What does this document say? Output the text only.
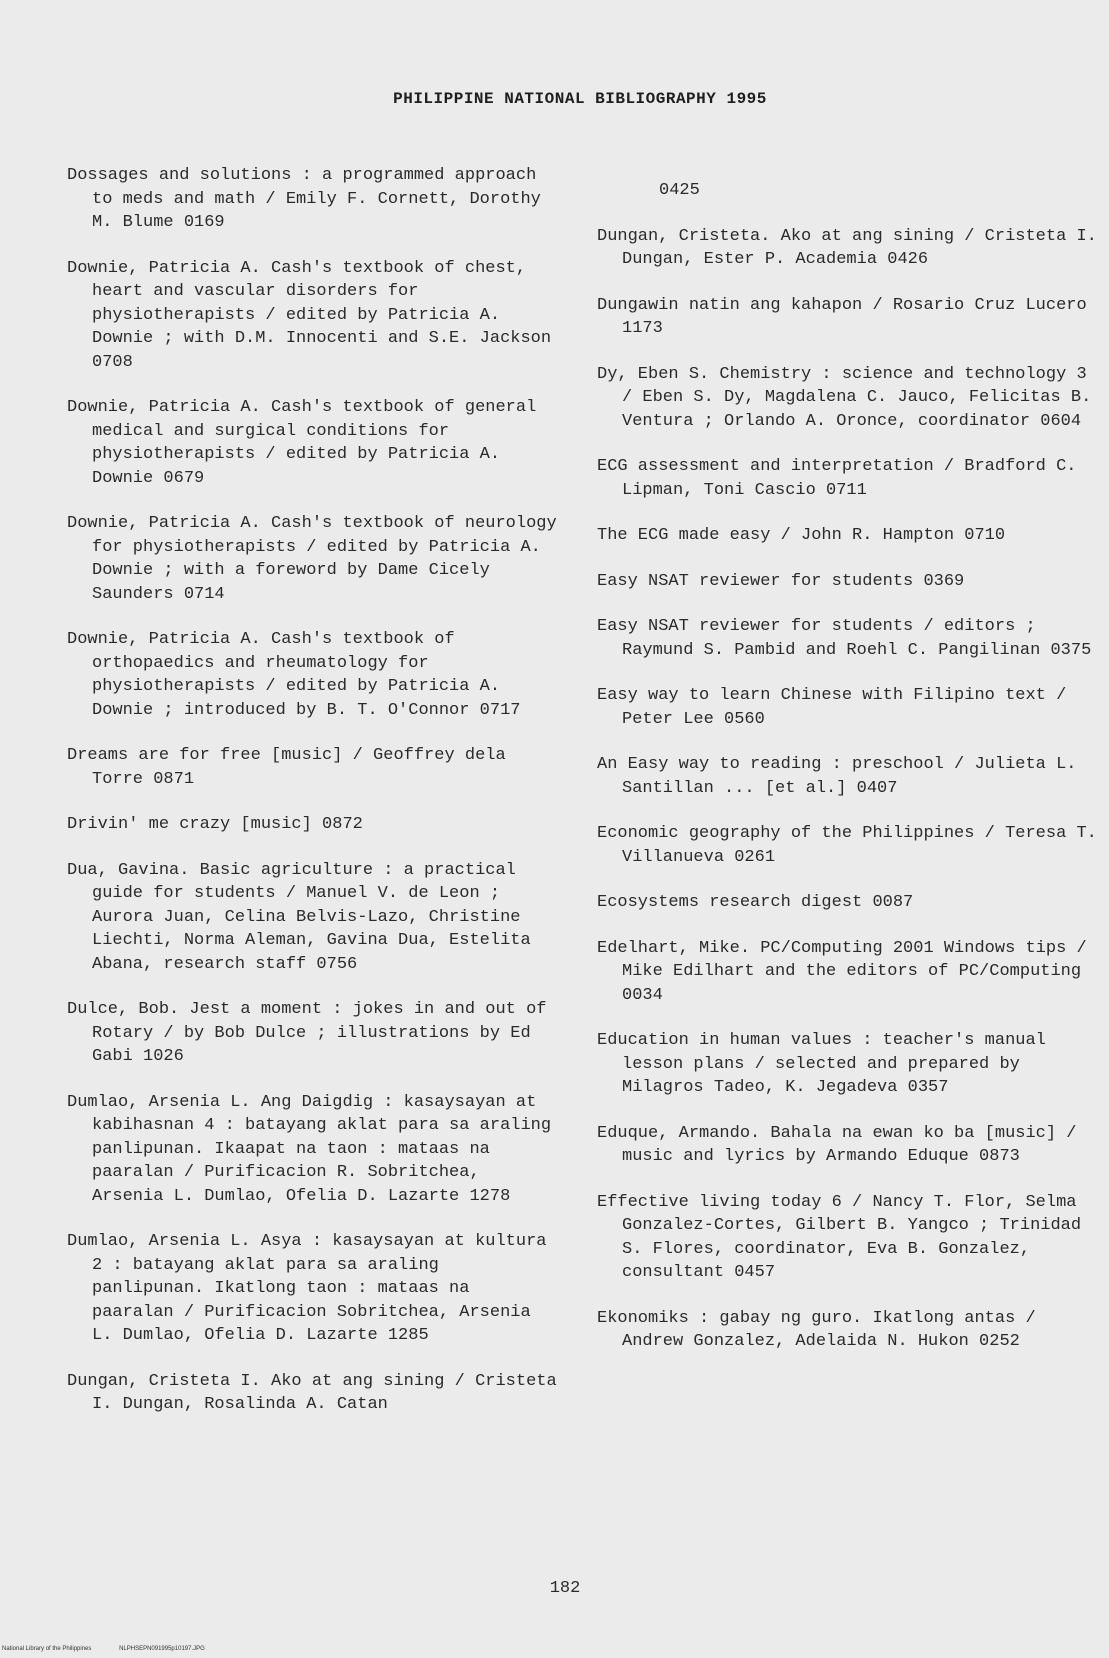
PHILIPPINE NATIONAL BIBLIOGRAPHY 1995

Dossages and solutions : a programmed approach to meds and math / Emily F. Cornett, Dorothy M. Blume 0169

Downie, Patricia A. Cash's textbook of chest, heart and vascular disorders for physiotherapists / edited by Patricia A. Downie ; with D.M. Innocenti and S.E. Jackson 0708

Downie, Patricia A. Cash's textbook of general medical and surgical conditions for physiotherapists / edited by Patricia A. Downie 0679

Downie, Patricia A. Cash's textbook of neurology for physiotherapists / edited by Patricia A. Downie ; with a foreword by Dame Cicely Saunders 0714

Downie, Patricia A. Cash's textbook of orthopaedics and rheumatology for physiotherapists / edited by Patricia A. Downie ; introduced by B. T. O'Connor 0717

Dreams are for free [music] / Geoffrey dela Torre 0871

Drivin' me crazy [music] 0872

Dua, Gavina. Basic agriculture : a practical guide for students / Manuel V. de Leon ; Aurora Juan, Celina Belvis-Lazo, Christine Liechti, Norma Aleman, Gavina Dua, Estelita Abana, research staff 0756

Dulce, Bob. Jest a moment : jokes in and out of Rotary / by Bob Dulce ; illustrations by Ed Gabi 1026

Dumlao, Arsenia L. Ang Daigdig : kasaysayan at kabihasnan 4 : batayang aklat para sa araling panlipunan. Ikaapat na taon : mataas na paaralan / Purificacion R. Sobritchea, Arsenia L. Dumlao, Ofelia D. Lazarte 1278

Dumlao, Arsenia L. Asya : kasaysayan at kultura 2 : batayang aklat para sa araling panlipunan. Ikatlong taon : mataas na paaralan / Purificacion Sobritchea, Arsenia L. Dumlao, Ofelia D. Lazarte 1285

Dungan, Cristeta I. Ako at ang sining / Cristeta I. Dungan, Rosalinda A. Catan

0425

Dungan, Cristeta. Ako at ang sining / Cristeta I. Dungan, Ester P. Academia 0426

Dungawin natin ang kahapon / Rosario Cruz Lucero 1173

Dy, Eben S. Chemistry : science and technology 3 / Eben S. Dy, Magdalena C. Jauco, Felicitas B. Ventura ; Orlando A. Oronce, coordinator 0604

ECG assessment and interpretation / Bradford C. Lipman, Toni Cascio 0711

The ECG made easy / John R. Hampton 0710

Easy NSAT reviewer for students 0369

Easy NSAT reviewer for students / editors ; Raymund S. Pambid and Roehl C. Pangilinan 0375

Easy way to learn Chinese with Filipino text / Peter Lee 0560

An Easy way to reading : preschool / Julieta L. Santillan ... [et al.] 0407

Economic geography of the Philippines / Teresa T. Villanueva 0261

Ecosystems research digest 0087

Edelhart, Mike. PC/Computing 2001 Windows tips / Mike Edilhart and the editors of PC/Computing 0034

Education in human values : teacher's manual lesson plans / selected and prepared by Milagros Tadeo, K. Jegadeva 0357

Eduque, Armando. Bahala na ewan ko ba [music] / music and lyrics by Armando Eduque 0873

Effective living today 6 / Nancy T. Flor, Selma Gonzalez-Cortes, Gilbert B. Yangco ; Trinidad S. Flores, coordinator, Eva B. Gonzalez, consultant 0457

Ekonomiks : gabay ng guro. Ikatlong antas / Andrew Gonzalez, Adelaida N. Hukon 0252

182
National Library of the Philippines	NLPHSEPN091995p10197.JPG
